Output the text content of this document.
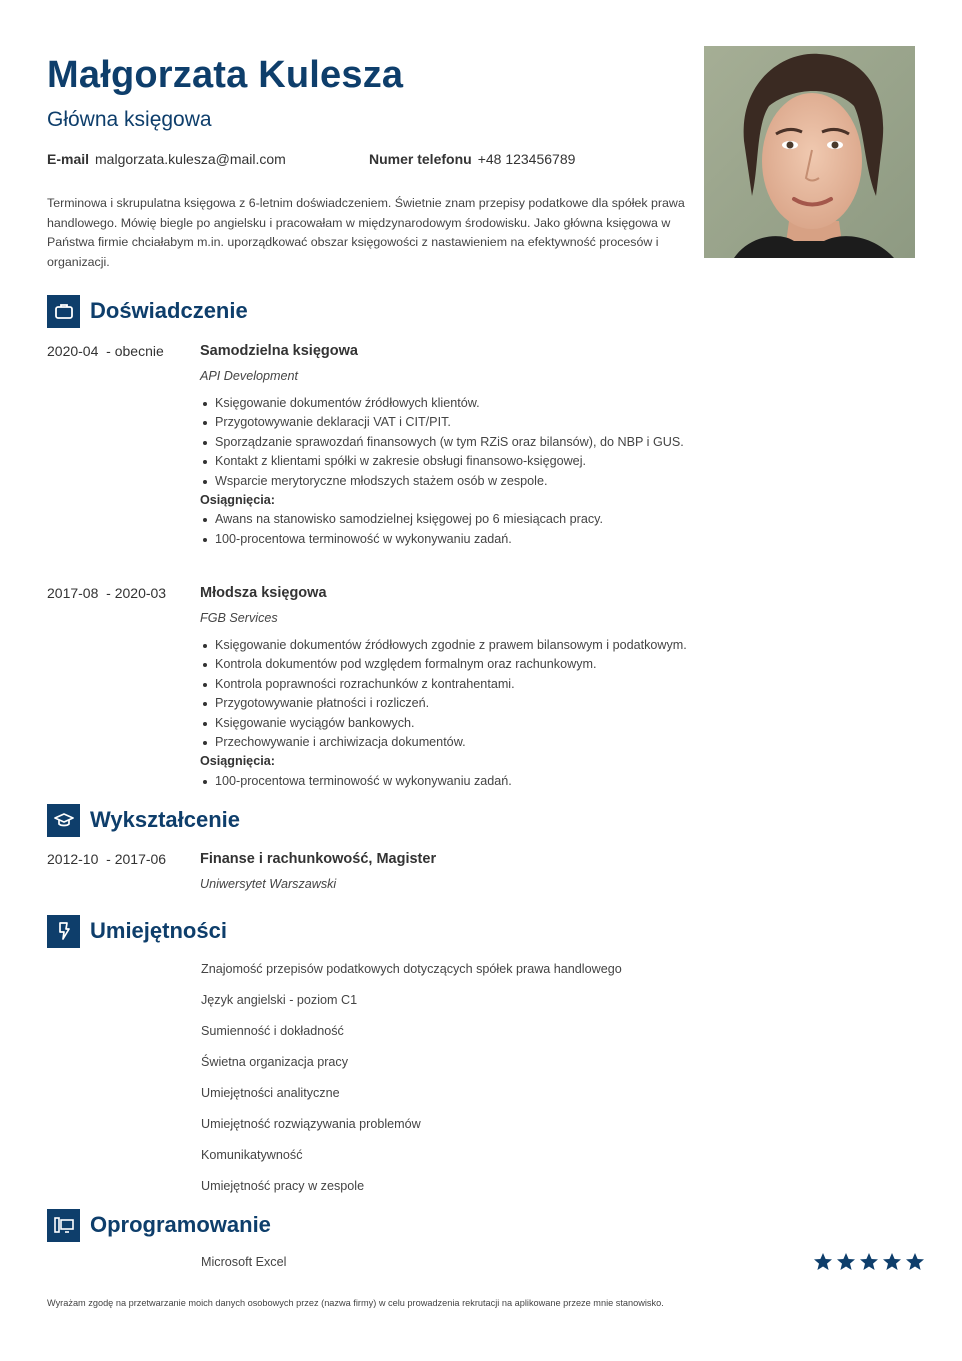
Małgorzata Kulesza
Główna księgowa
E-mail malgorzata.kulesza@mail.com	Numer telefonu +48 123456789
Terminowa i skrupulatna księgowa z 6-letnim doświadczeniem. Świetnie znam przepisy podatkowe dla spółek prawa handlowego. Mówię biegle po angielsku i pracowałam w międzynarodowym środowisku. Jako główna księgowa w Państwa firmie chciałabym m.in. uporządkować obszar księgowości z nastawieniem na efektywność procesów i organizacji.
Doświadczenie
2020-04  - obecnie Samodzielna księgowa
API Development
Księgowanie dokumentów źródłowych klientów.
Przygotowywanie deklaracji VAT i CIT/PIT.
Sporządzanie sprawozdań finansowych (w tym RZiS oraz bilansów), do NBP i GUS.
Kontakt z klientami spółki w zakresie obsługi finansowo-księgowej.
Wsparcie merytoryczne młodszych stażem osób w zespole.
Osiągnięcia:
Awans na stanowisko samodzielnej księgowej po 6 miesiącach pracy.
100-procentowa terminowość w wykonywaniu zadań.
2017-08  - 2020-03 Młodsza księgowa
FGB Services
Księgowanie dokumentów źródłowych zgodnie z prawem bilansowym i podatkowym.
Kontrola dokumentów pod względem formalnym oraz rachunkowym.
Kontrola poprawności rozrachunków z kontrahentami.
Przygotowywanie płatności i rozliczeń.
Księgowanie wyciągów bankowych.
Przechowywanie i archiwizacja dokumentów.
Osiągnięcia:
100-procentowa terminowość w wykonywaniu zadań.
Wykształcenie
2012-10  - 2017-06 Finanse i rachunkowość, Magister
Uniwersytet Warszawski
Umiejętności
Znajomość przepisów podatkowych dotyczących spółek prawa handlowego
Język angielski - poziom C1
Sumienność i dokładność
Świetna organizacja pracy
Umiejętności analityczne
Umiejętność rozwiązywania problemów
Komunikatywność
Umiejętność pracy w zespole
Oprogramowanie
Microsoft Excel
Wyrażam zgodę na przetwarzanie moich danych osobowych przez (nazwa firmy) w celu prowadzenia rekrutacji na aplikowane przeze mnie stanowisko.
